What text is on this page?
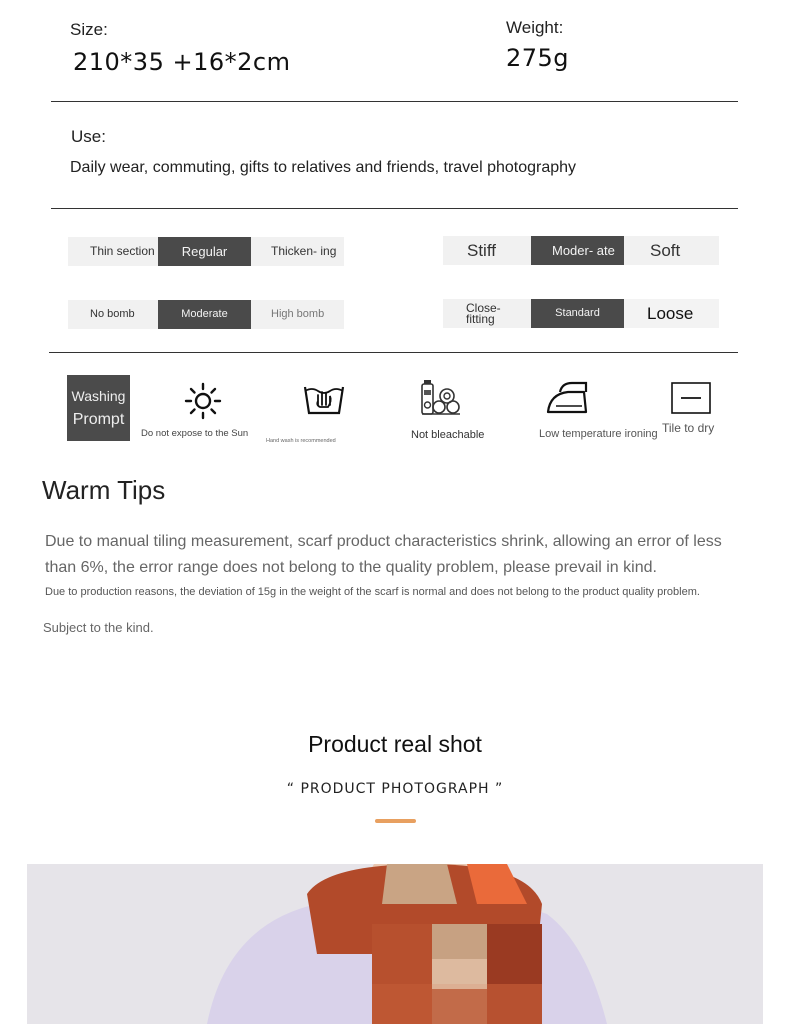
Size:
210*35 +16*2cm
Weight:
275g
Use:
Daily wear, commuting, gifts to relatives and friends, travel photography
Thin section	Regular	Thicken- ing	Stiff	Moder- ate	Soft
No bomb	Moderate	High bomb	Close- fitting	Standard	Loose
Washing
Prompt
Do not expose to the Sun
Hand wash is recommended	Not bleachable	Low temperature ironing Tile to dry
Warm Tips
Due to manual tiling measurement, scarf product characteristics shrink, allowing an error of less than 6%, the error range does not belong to the quality problem, please prevail in kind.
Due to production reasons, the deviation of 15g in the weight of the scarf is normal and does not belong to the product quality problem.
Subject to the kind.
Product real shot
“ PRODUCT PHOTOGRAPH ”
